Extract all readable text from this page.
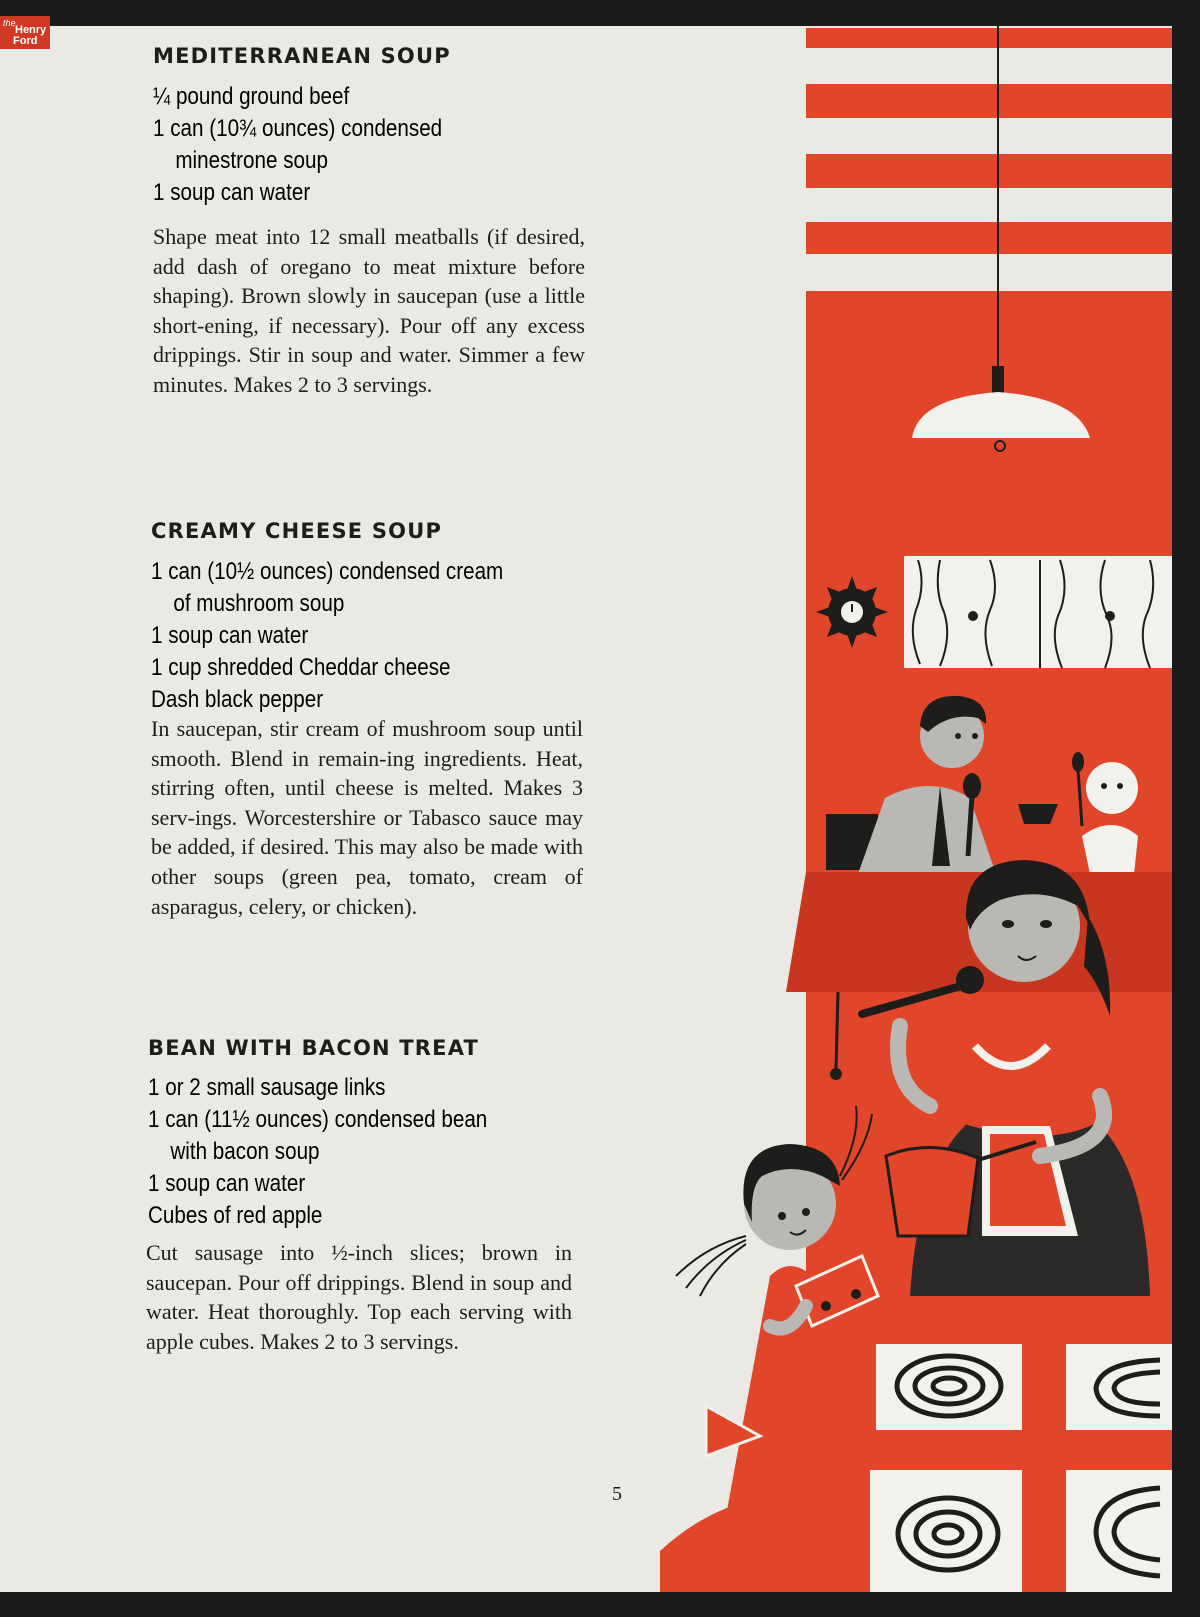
MEDITERRANEAN SOUP
¼ pound ground beef
1 can (10¾ ounces) condensed
minestrone soup
1 soup can water

Shape meat into 12 small meatballs (if desired, add dash of oregano to meat mixture before shaping). Brown slowly in saucepan (use a little short-ening, if necessary). Pour off any excess drippings. Stir in soup and water. Simmer a few minutes. Makes 2 to 3 servings.

CREAMY CHEESE SOUP
1 can (10½ ounces) condensed cream
of mushroom soup
1 soup can water
1 cup shredded Cheddar cheese
Dash black pepper

In saucepan, stir cream of mushroom soup until smooth. Blend in remain-ing ingredients. Heat, stirring often, until cheese is melted. Makes 3 serv-ings. Worcestershire or Tabasco sauce may be added, if desired. This may also be made with other soups (green pea, tomato, cream of asparagus, celery, or chicken).

BEAN WITH BACON TREAT
1 or 2 small sausage links
1 can (11½ ounces) condensed bean
with bacon soup
1 soup can water
Cubes of red apple

Cut sausage into ½-inch slices; brown in saucepan. Pour off drippings. Blend in soup and water. Heat thoroughly. Top each serving with apple cubes. Makes 2 to 3 servings.

5
the
Henry
Ford
